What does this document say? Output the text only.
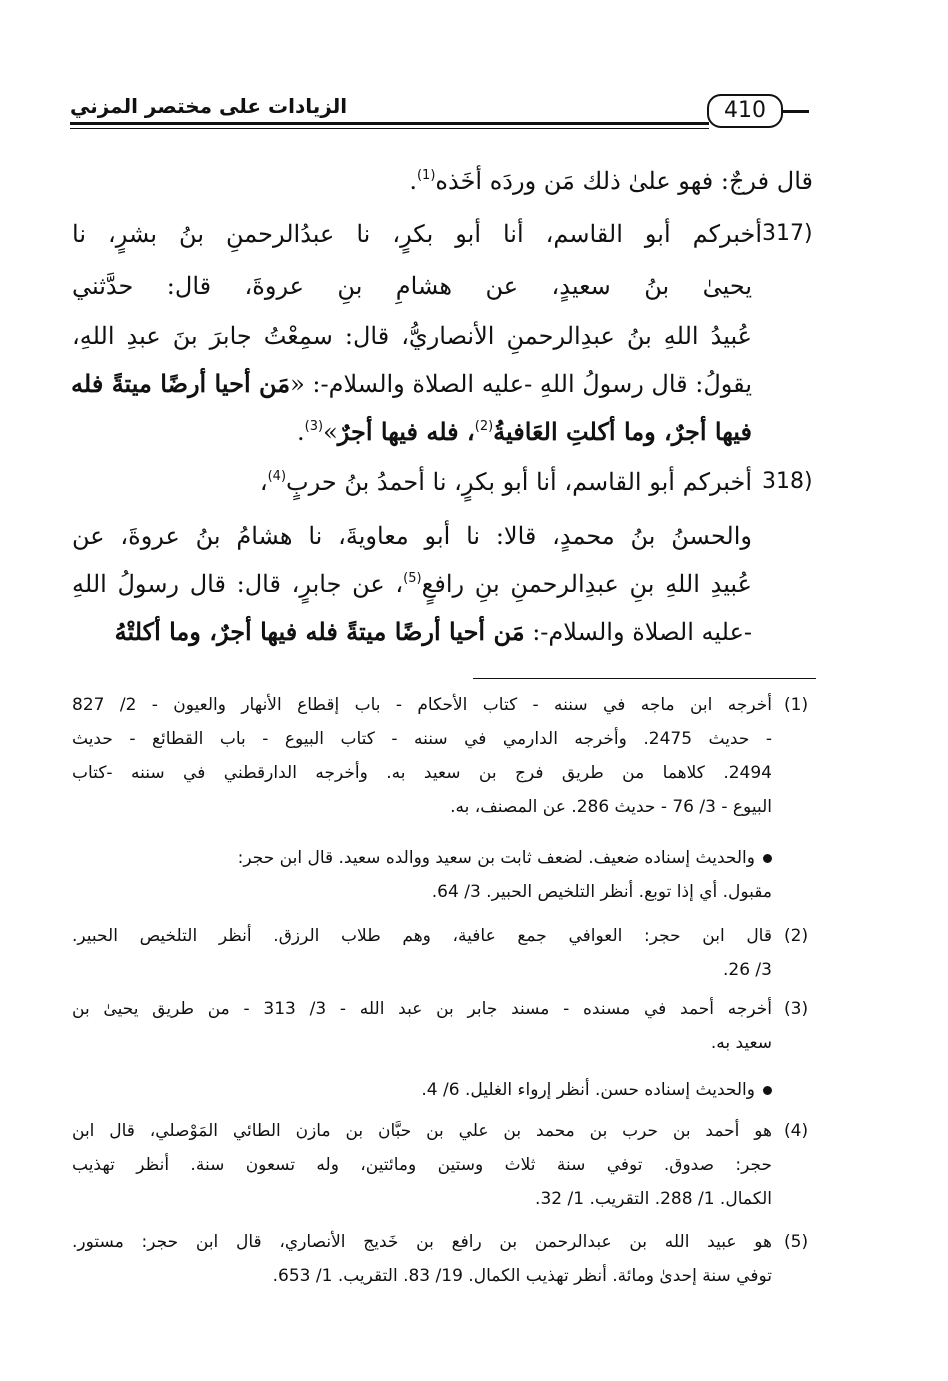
الزيادات على مختصر المزني	410
قال فرجٌ: فهو علىٰ ذلك مَن وردَه أخَذه$^{(1)}$.
317)
أخبركم أبو القاسم، أنا أبو بكرٍ، نا عبدُالرحمنِ بنُ بشرٍ، نا
يحيىٰ بنُ سعيدٍ، عن هشامِ بنِ عروةَ، قال: حدَّثني
عُبيدُ اللهِ بنُ عبدِالرحمنِ الأنصاريُّ، قال: سمِعْتُ جابرَ بنَ عبدِ اللهِ،
يقولُ: قال رسولُ اللهِ -عليه الصلاة والسلام-: «مَن أحيا أرضًا ميتةً فله
فيها أجرٌ، وما أكلتِ العَافيةُ$^{(2)}$، فله فيها أجرٌ»$^{(3)}$.
318)
أخبركم أبو القاسم، أنا أبو بكرٍ، نا أحمدُ بنُ حربٍ$^{(4)}$،
والحسنُ بنُ محمدٍ، قالا: نا أبو معاويةَ، نا هشامُ بنُ عروةَ، عن
عُبيدِ اللهِ بنِ عبدِالرحمنِ بنِ رافعٍ$^{(5)}$، عن جابرٍ، قال: قال رسولُ اللهِ
-عليه الصلاة والسلام-: مَن أحيا أرضًا ميتةً فله فيها أجرٌ، وما أكلتْهُ
(1)
أخرجه ابن ماجه في سننه - كتاب الأحكام - باب إقطاع الأنهار والعيون - 2/ 827
- حديث 2475. وأخرجه الدارمي في سننه - كتاب البيوع - باب القطائع - حديث
2494. كلاهما من طريق فرج بن سعيد به. وأخرجه الدارقطني في سننه -كتاب
البيوع - 3/ 76 - حديث 286. عن المصنف، به.
والحديث إسناده ضعيف. لضعف ثابت بن سعيد ووالده سعيد. قال ابن حجر:
مقبول. أي إذا توبع. أنظر التلخيص الحبير. 3/ 64.
(2)
قال ابن حجر: العوافي جمع عافية، وهم طلاب الرزق. أنظر التلخيص الحبير.
3/ 26.
(3)
أخرجه أحمد في مسنده - مسند جابر بن عبد الله - 3/ 313 - من طريق يحيىٰ بن
سعيد به.
والحديث إسناده حسن. أنظر إرواء الغليل. 6/ 4.
(4)
هو أحمد بن حرب بن محمد بن علي بن حبَّان بن مازن الطائي المَوْصلي، قال ابن
حجر: صدوق. توفي سنة ثلاث وستين ومائتين، وله تسعون سنة. أنظر تهذيب
الكمال. 1/ 288. التقريب. 1/ 32.
(5)
هو عبيد الله بن عبدالرحمن بن رافع بن خَديج الأنصاري، قال ابن حجر: مستور.
توفي سنة إحدىٰ ومائة. أنظر تهذيب الكمال. 19/ 83. التقريب. 1/ 653.
